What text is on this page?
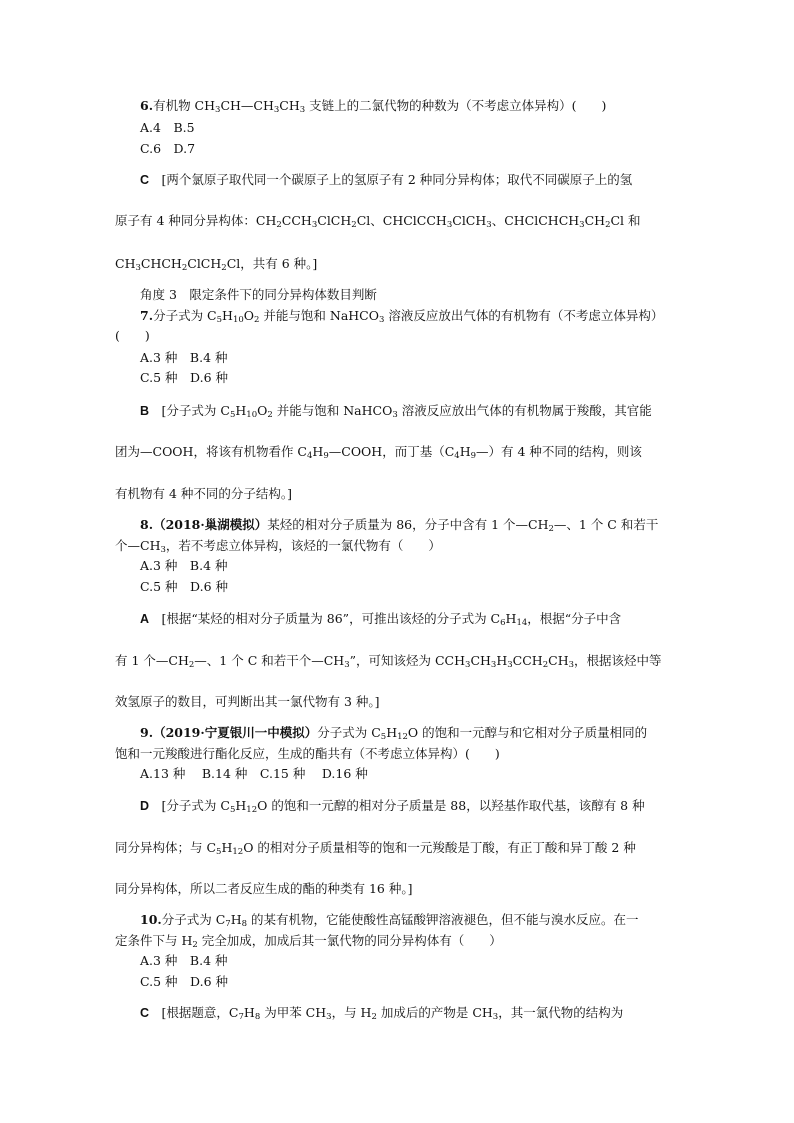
6.有机物 CH3CH—CH3CH3 支链上的二氯代物的种数为（不考虑立体异构）(　　)
A.4　B.5
C.6　D.7
C　[两个氯原子取代同一个碳原子上的氢原子有 2 种同分异构体；取代不同碳原子上的氢
原子有 4 种同分异构体：CH2CCH3ClCH2Cl、CHClCCH3ClCH3、CHClCHCH3CH2Cl 和
CH3CHCH2ClCH2Cl，共有 6 种。]
角度 3　限定条件下的同分异构体数目判断
7.分子式为 C5H10O2 并能与饱和 NaHCO3 溶液反应放出气体的有机物有（不考虑立体异构）
(　　)
A.3 种　B.4 种
C.5 种　D.6 种
B　[分子式为 C5H10O2 并能与饱和 NaHCO3 溶液反应放出气体的有机物属于羧酸，其官能
团为—COOH，将该有机物看作 C4H9—COOH，而丁基（C4H9—）有 4 种不同的结构，则该
有机物有 4 种不同的分子结构。]
8.（2018·巢湖模拟）某烃的相对分子质量为 86，分子中含有 1 个—CH2—、1 个 C 和若干
个—CH3，若不考虑立体异构，该烃的一氯代物有（　　）
A.3 种　B.4 种
C.5 种　D.6 种
A　[根据“某烃的相对分子质量为 86”，可推出该烃的分子式为 C6H14，根据“分子中含
有 1 个—CH2—、1 个 C 和若干个—CH3”，可知该烃为 CCH3CH3H3CCH2CH3，根据该烃中等
效氢原子的数目，可判断出其一氯代物有 3 种。]
9.（2019·宁夏银川一中模拟）分子式为 C5H12O 的饱和一元醇与和它相对分子质量相同的
饱和一元羧酸进行酯化反应，生成的酯共有（不考虑立体异构）(　　)
A.13 种　 B.14 种　C.15 种　 D.16 种
D　[分子式为 C5H12O 的饱和一元醇的相对分子质量是 88，以羟基作取代基，该醇有 8 种
同分异构体；与 C5H12O 的相对分子质量相等的饱和一元羧酸是丁酸，有正丁酸和异丁酸 2 种
同分异构体，所以二者反应生成的酯的种类有 16 种。]
10.分子式为 C7H8 的某有机物，它能使酸性高锰酸钾溶液褪色，但不能与溴水反应。在一
定条件下与 H2 完全加成，加成后其一氯代物的同分异构体有（　　）
A.3 种　B.4 种
C.5 种　D.6 种
C　[根据题意，C7H8 为甲苯 CH3，与 H2 加成后的产物是 CH3，其一氯代物的结构为
